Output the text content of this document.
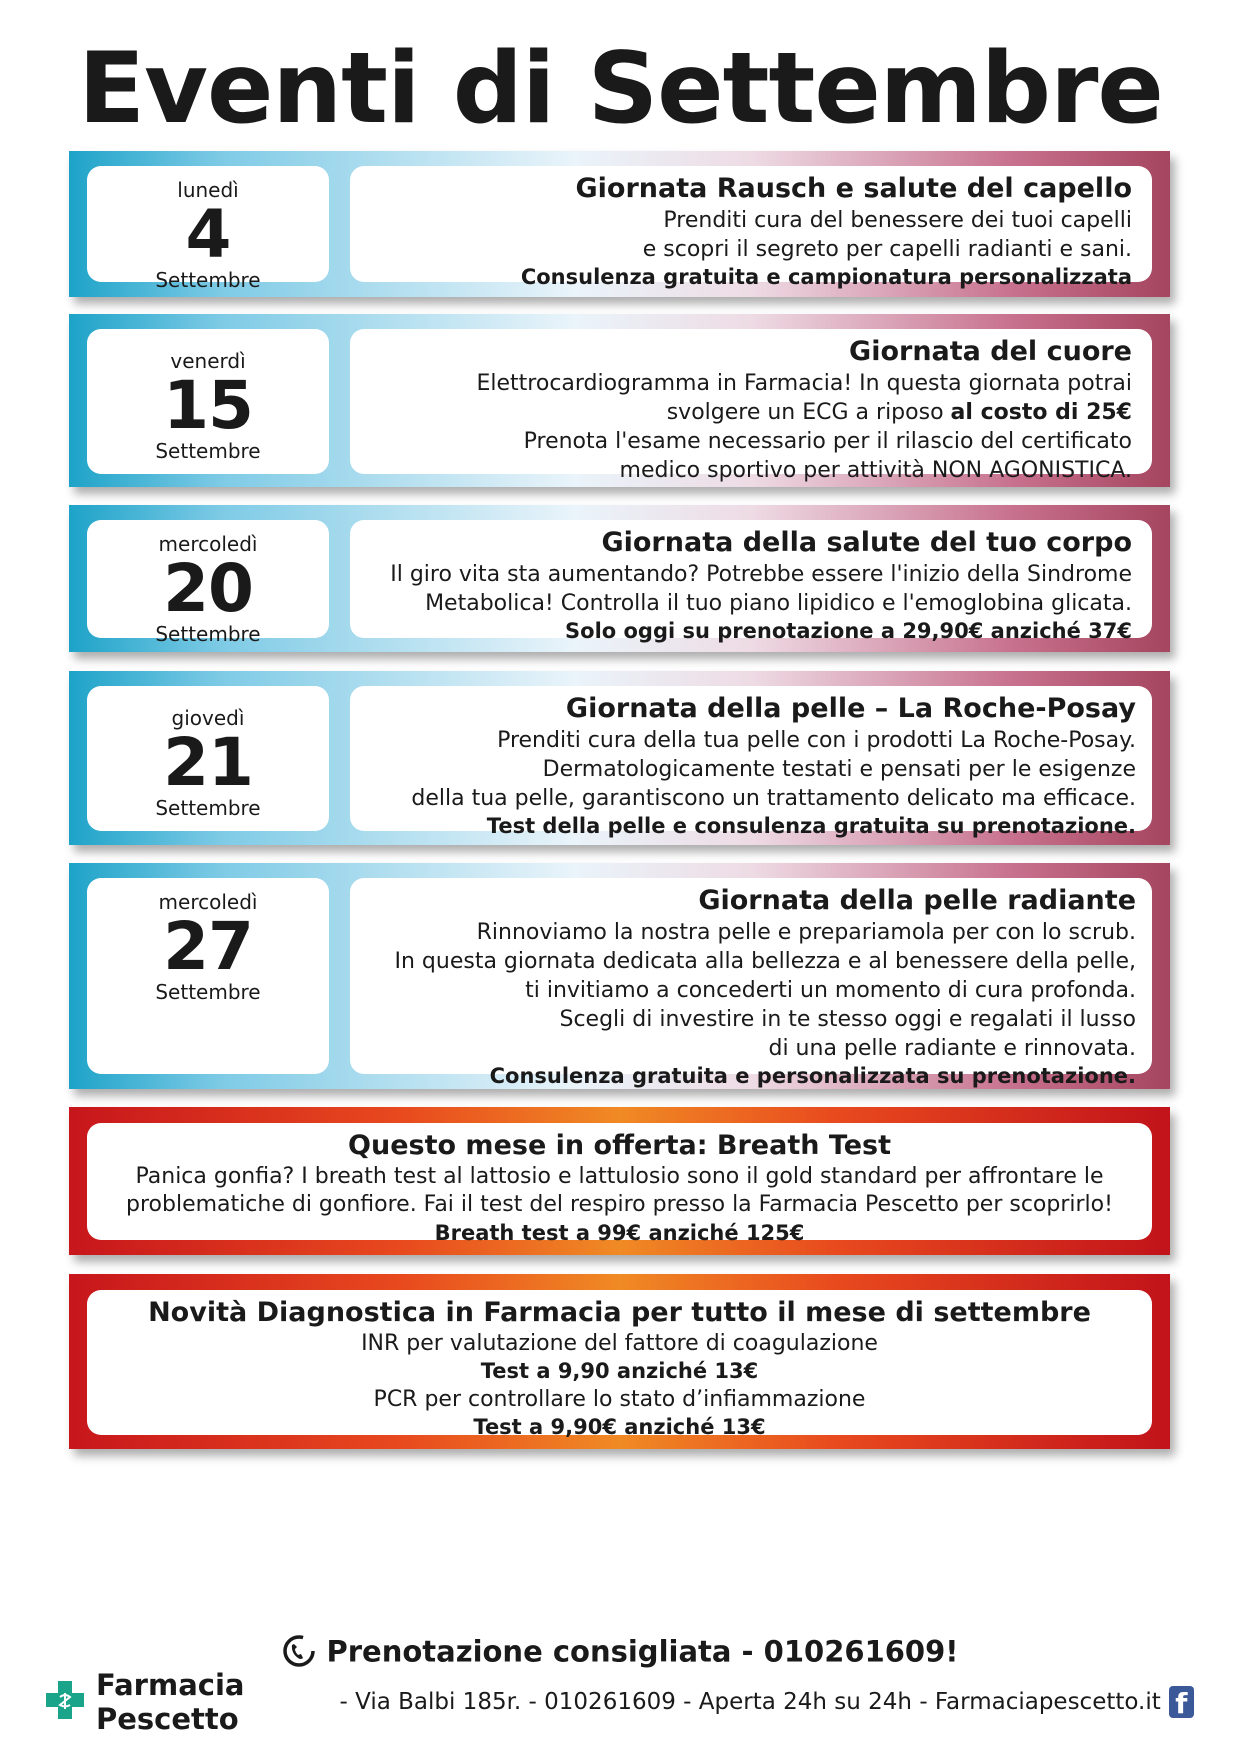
Eventi di Settembre
lunedì
4
Settembre
Giornata Rausch e salute del capello
Prenditi cura del benessere dei tuoi capelli
e scopri il segreto per capelli radianti e sani.
Consulenza gratuita e campionatura personalizzata
venerdì
15
Settembre
Giornata del cuore
Elettrocardiogramma in Farmacia! In questa giornata potrai
svolgere un ECG a riposo al costo di 25€
Prenota l'esame necessario per il rilascio del certificato
medico sportivo per attività NON AGONISTICA.
mercoledì
20
Settembre
Giornata della salute del tuo corpo
Il giro vita sta aumentando? Potrebbe essere l'inizio della Sindrome
Metabolica! Controlla il tuo piano lipidico e l'emoglobina glicata.
Solo oggi su prenotazione a 29,90€ anziché 37€
giovedì
21
Settembre
Giornata della pelle – La Roche-Posay
Prenditi cura della tua pelle con i prodotti La Roche-Posay.
Dermatologicamente testati e pensati per le esigenze
della tua pelle, garantiscono un trattamento delicato ma efficace.
Test della pelle e consulenza gratuita su prenotazione.
mercoledì
27
Settembre
Giornata della pelle radiante
Rinnoviamo la nostra pelle e prepariamola per con lo scrub.
In questa giornata dedicata alla bellezza e al benessere della pelle,
ti invitiamo a concederti un momento di cura profonda.
Scegli di investire in te stesso oggi e regalati il lusso
di una pelle radiante e rinnovata.
Consulenza gratuita e personalizzata su prenotazione.
Questo mese in offerta: Breath Test
Panica gonfia? I breath test al lattosio e lattulosio sono il gold standard per affrontare le
problematiche di gonfiore. Fai il test del respiro presso la Farmacia Pescetto per scoprirlo!
Breath test a 99€ anziché 125€
Novità Diagnostica in Farmacia per tutto il mese di settembre
INR per valutazione del fattore di coagulazione
Test a 9,90 anziché 13€
PCR per controllare lo stato d’infiammazione
Test a 9,90€ anziché 13€
Prenotazione consigliata - 010261609!
Farmacia Pescetto	- Via Balbi 185r. - 010261609 - Aperta 24h su 24h - Farmaciapescetto.it f
